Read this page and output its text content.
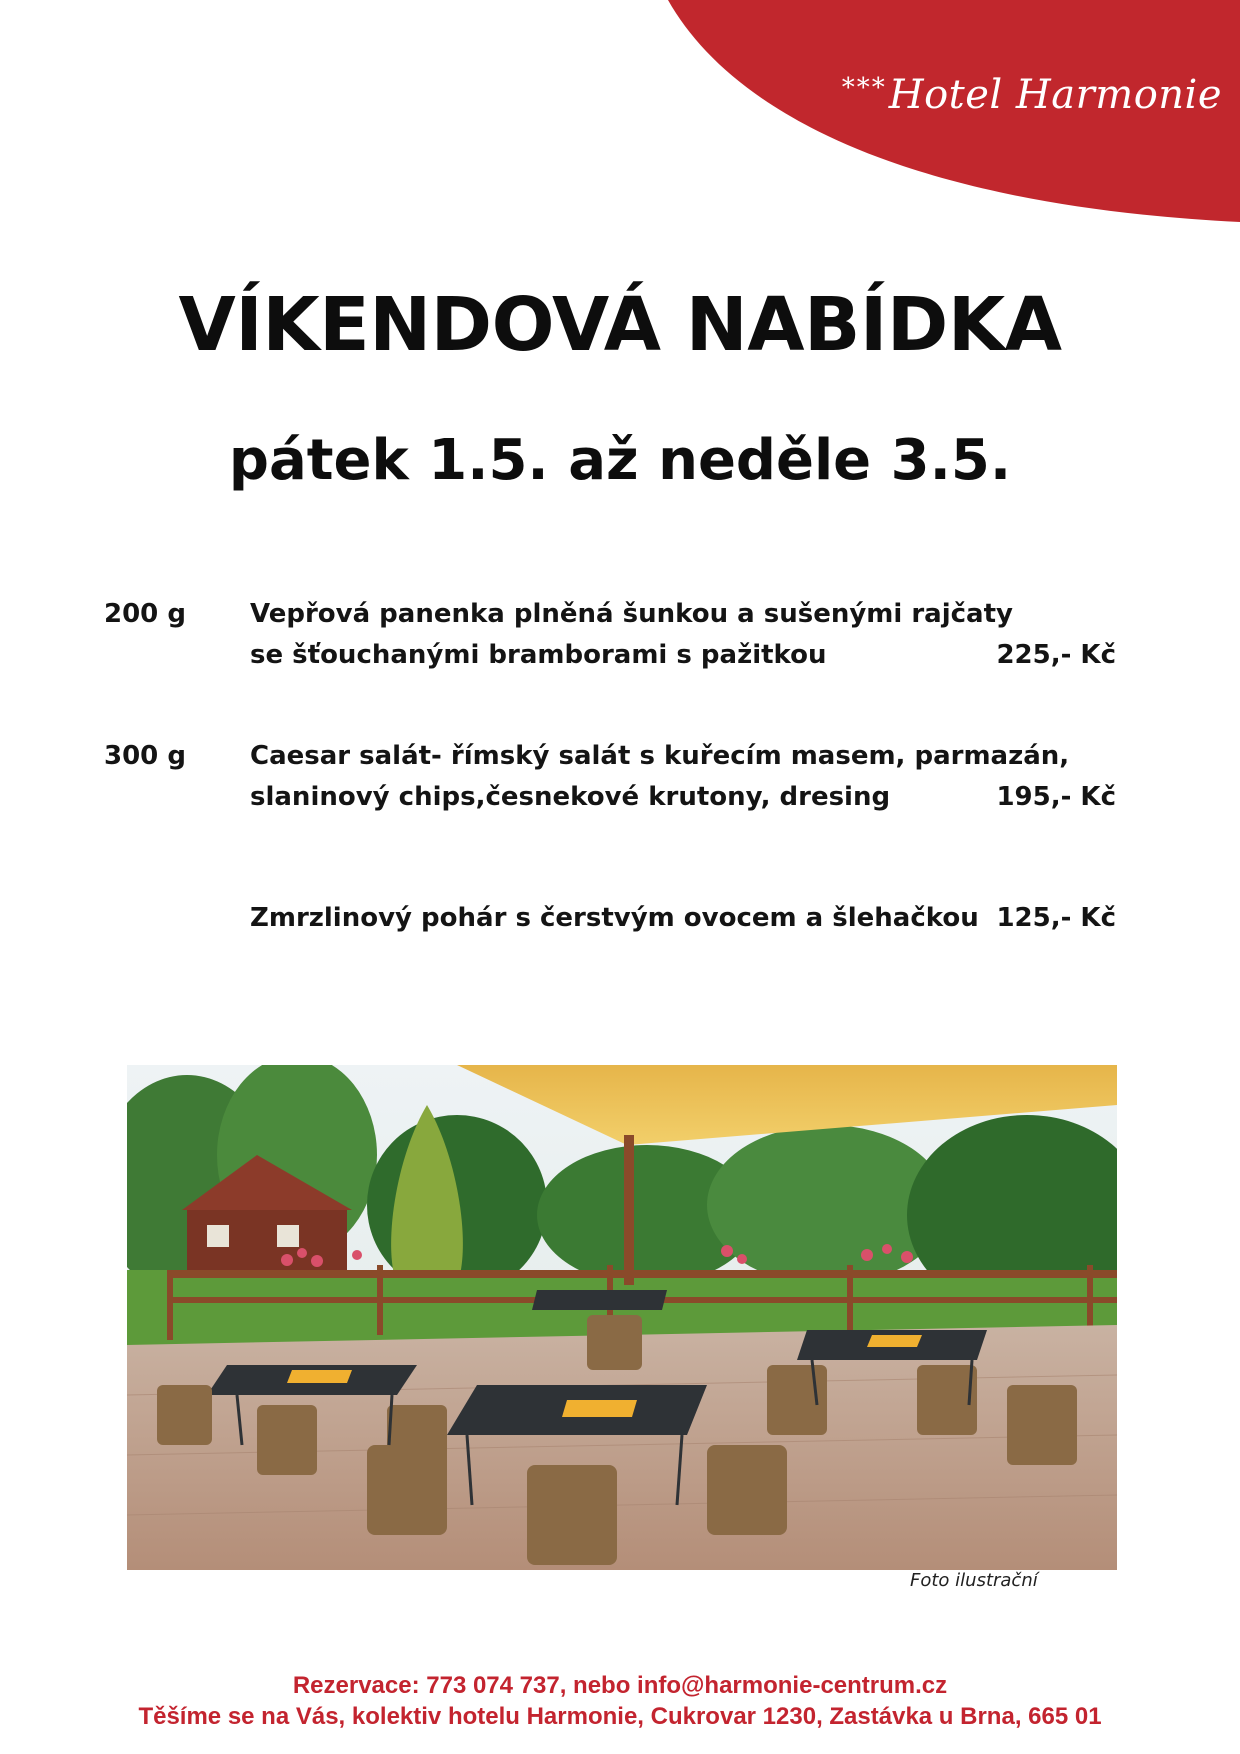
***Hotel Harmonie
VÍKENDOVÁ NABÍDKA
pátek 1.5. až neděle 3.5.
200 g Vepřová panenka plněná šunkou a sušenými rajčaty
se šťouchanými bramborami s pažitkou	225,- Kč
300 g Caesar salát- římský salát s kuřecím masem, parmazán,
slaninový chips,česnekové krutony, dresing	195,- Kč
Zmrzlinový pohár s čerstvým ovocem a šlehačkou 125,- Kč
Foto ilustrační
Rezervace: 773 074 737, nebo info@harmonie-centrum.cz
Těšíme se na Vás, kolektiv hotelu Harmonie, Cukrovar 1230, Zastávka u Brna, 665 01
